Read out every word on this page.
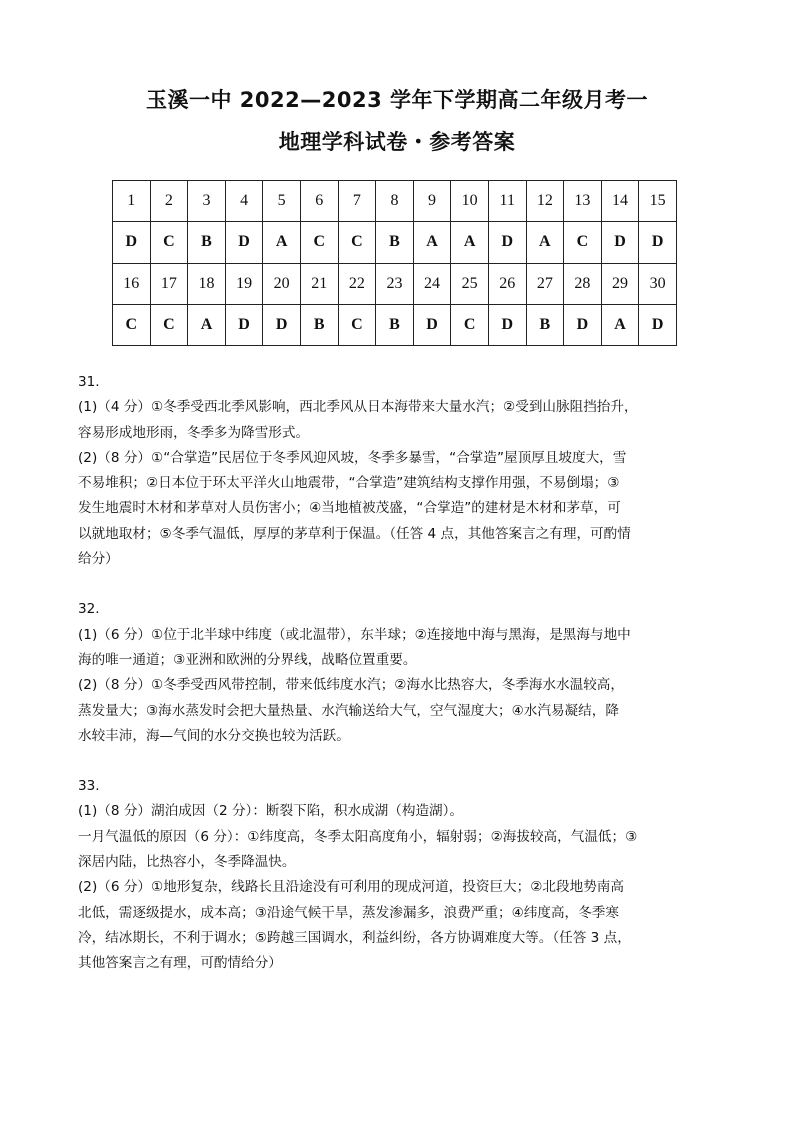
玉溪一中 2022—2023 学年下学期高二年级月考一
地理学科试卷・参考答案
1	2	3	4	5	6	7	8	9	10	11	12	13	14	15
D	C	B	D	A	C	C	B	A	A	D	A	C	D	D
16	17	18	19	20	21	22	23	24	25	26	27	28	29	30
C	C	A	D	D	B	C	B	D	C	D	B	D	A	D

31.

(1)（4 分）①冬季受西北季风影响，西北季风从日本海带来大量水汽；②受到山脉阻挡抬升，

容易形成地形雨，冬季多为降雪形式。

(2)（8 分）①“合掌造”民居位于冬季风迎风坡，冬季多暴雪，“合掌造”屋顶厚且坡度大，雪

不易堆积；②日本位于环太平洋火山地震带，“合掌造”建筑结构支撑作用强，不易倒塌；③

发生地震时木材和茅草对人员伤害小；④当地植被茂盛，“合掌造”的建材是木材和茅草，可

以就地取材；⑤冬季气温低，厚厚的茅草利于保温。（任答 4 点，其他答案言之有理，可酌情

给分）

32.

(1)（6 分）①位于北半球中纬度（或北温带），东半球；②连接地中海与黑海，是黑海与地中

海的唯一通道；③亚洲和欧洲的分界线，战略位置重要。

(2)（8 分）①冬季受西风带控制，带来低纬度水汽；②海水比热容大，冬季海水水温较高，

蒸发量大；③海水蒸发时会把大量热量、水汽输送给大气，空气湿度大；④水汽易凝结，降

水较丰沛，海—气间的水分交换也较为活跃。

33.

(1)（8 分）湖泊成因（2 分）：断裂下陷，积水成湖（构造湖）。

一月气温低的原因（6 分）：①纬度高，冬季太阳高度角小，辐射弱；②海拔较高，气温低；③

深居内陆，比热容小，冬季降温快。

(2)（6 分）①地形复杂，线路长且沿途没有可利用的现成河道，投资巨大；②北段地势南高

北低，需逐级提水，成本高；③沿途气候干旱，蒸发渗漏多，浪费严重；④纬度高，冬季寒

冷，结冰期长，不利于调水；⑤跨越三国调水，利益纠纷，各方协调难度大等。（任答 3 点，

其他答案言之有理，可酌情给分）
